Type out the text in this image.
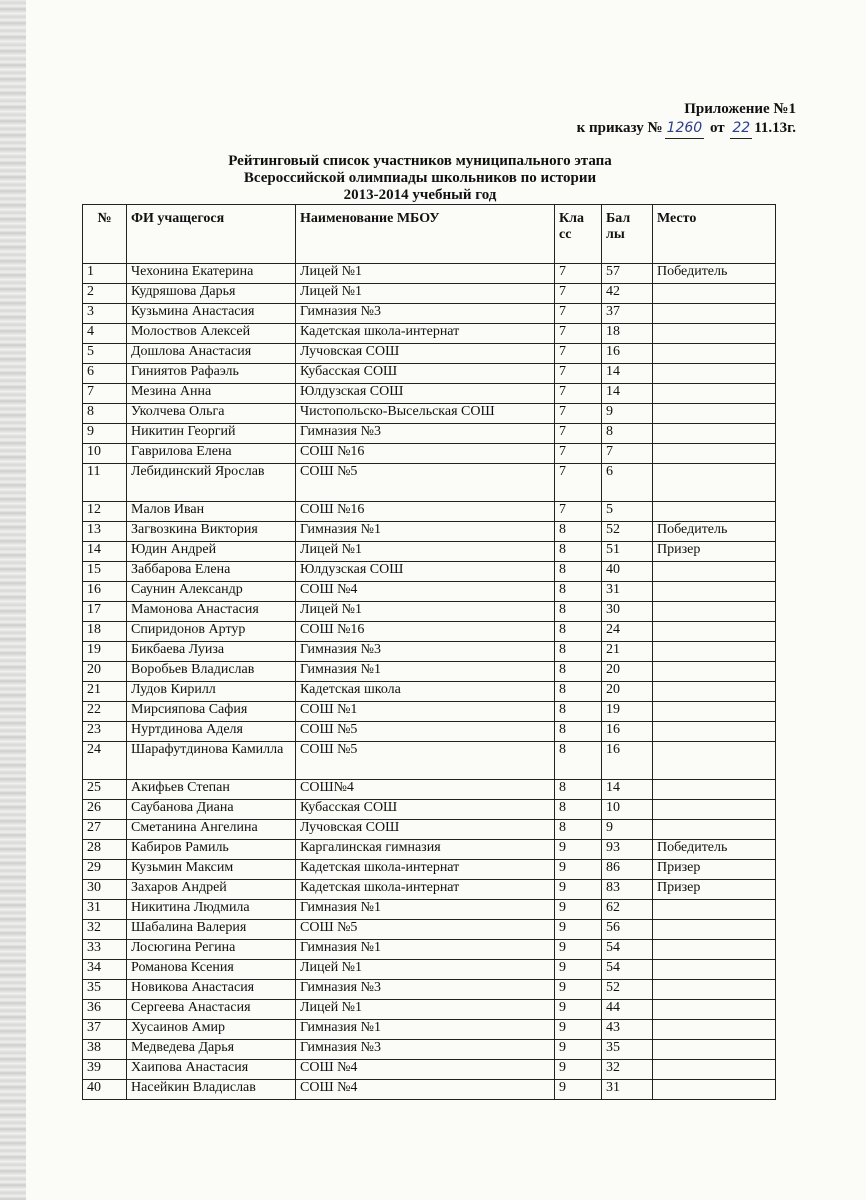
Приложение №1
к приказу № 1260 от 22 11.13г.
Рейтинговый список участников муниципального этапа
Всероссийской олимпиады школьников по истории
2013-2014 учебный год
№	ФИ учащегося	Наименование МБОУ	Кла сс	Бал лы	Место
1	Чехонина Екатерина	Лицей №1	7	57	Победитель
2	Кудряшова Дарья	Лицей №1	7	42	
3	Кузьмина Анастасия	Гимназия №3	7	37	
4	Молоствов Алексей	Кадетская школа-интернат	7	18	
5	Дошлова Анастасия	Лучовская СОШ	7	16	
6	Гиниятов Рафаэль	Кубасская СОШ	7	14	
7	Мезина Анна	Юлдузская СОШ	7	14	
8	Уколчева Ольга	Чистопольско-Высельская СОШ	7	9	
9	Никитин Георгий	Гимназия №3	7	8	
10	Гаврилова Елена	СОШ №16	7	7	
11	Лебидинский Ярослав	СОШ №5	7	6	
12	Малов Иван	СОШ №16	7	5	
13	Загвозкина Виктория	Гимназия №1	8	52	Победитель
14	Юдин Андрей	Лицей №1	8	51	Призер
15	Заббарова Елена	Юлдузская СОШ	8	40	
16	Саунин Александр	СОШ №4	8	31	
17	Мамонова Анастасия	Лицей №1	8	30	
18	Спиридонов Артур	СОШ №16	8	24	
19	Бикбаева Луиза	Гимназия №3	8	21	
20	Воробьев Владислав	Гимназия №1	8	20	
21	Лудов Кирилл	Кадетская школа	8	20	
22	Мирсияпова Сафия	СОШ №1	8	19	
23	Нуртдинова Аделя	СОШ №5	8	16	
24	Шарафутдинова Камилла	СОШ №5	8	16	
25	Акифьев Степан	СОШ№4	8	14	
26	Саубанова Диана	Кубасская СОШ	8	10	
27	Сметанина Ангелина	Лучовская СОШ	8	9	
28	Кабиров Рамиль	Каргалинская гимназия	9	93	Победитель
29	Кузьмин Максим	Кадетская школа-интернат	9	86	Призер
30	Захаров Андрей	Кадетская школа-интернат	9	83	Призер
31	Никитина Людмила	Гимназия №1	9	62	
32	Шабалина Валерия	СОШ №5	9	56	
33	Лосюгина Регина	Гимназия №1	9	54	
34	Романова Ксения	Лицей №1	9	54	
35	Новикова Анастасия	Гимназия №3	9	52	
36	Сергеева Анастасия	Лицей №1	9	44	
37	Хусаинов Амир	Гимназия №1	9	43	
38	Медведева Дарья	Гимназия №3	9	35	
39	Хаипова Анастасия	СОШ №4	9	32	
40	Насейкин Владислав	СОШ №4	9	31	
